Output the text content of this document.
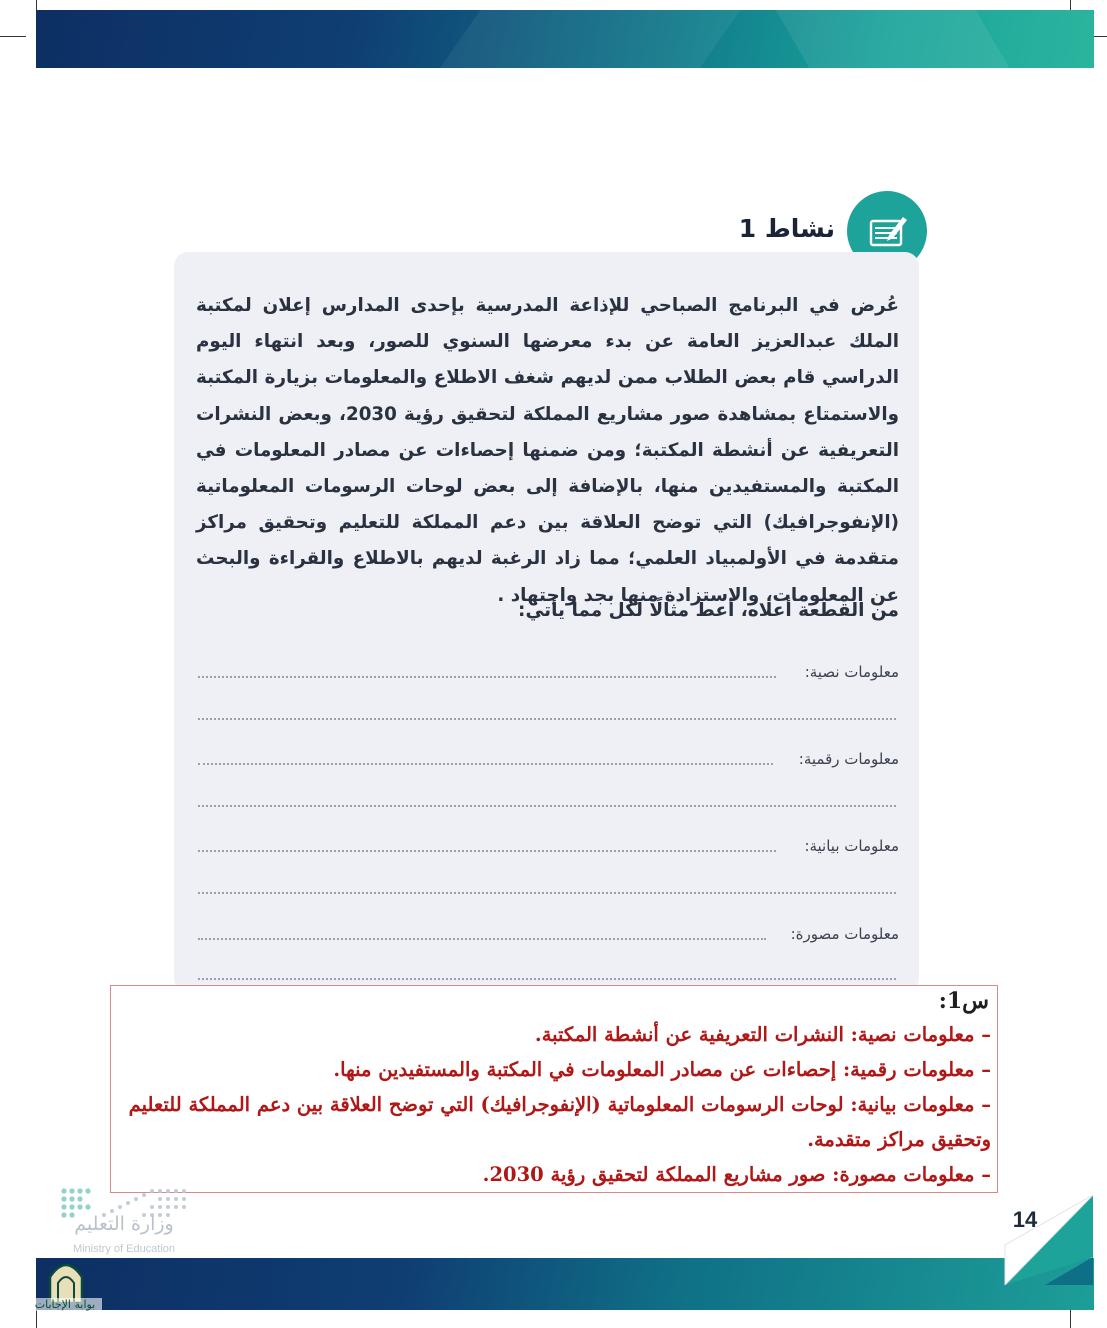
نشاط 1
عُرض في البرنامج الصباحي للإذاعة المدرسية بإحدى المدارس إعلان لمكتبة الملك عبدالعزيز العامة عن بدء معرضها السنوي للصور، وبعد انتهاء اليوم الدراسي قام بعض الطلاب ممن لديهم شغف الاطلاع والمعلومات بزيارة المكتبة والاستمتاع بمشاهدة صور مشاريع المملكة لتحقيق رؤية 2030، وبعض النشرات التعريفية عن أنشطة المكتبة؛ ومن ضمنها إحصاءات عن مصادر المعلومات في المكتبة والمستفيدين منها، بالإضافة إلى بعض لوحات الرسومات المعلوماتية (الإنفوجرافيك) التي توضح العلاقة بين دعم المملكة للتعليم وتحقيق مراكز متقدمة في الأولمبياد العلمي؛ مما زاد الرغبة لديهم بالاطلاع والقراءة والبحث عن المعلومات، والاستزادة منها بجد واجتهاد .
من القطعة أعلاه، أعط مثالًا لكل مما يأتي:
معلومات نصية:
معلومات رقمية:
معلومات بيانية:
معلومات مصورة:
س1:
– معلومات نصية: النشرات التعريفية عن أنشطة المكتبة.
– معلومات رقمية: إحصاءات عن مصادر المعلومات في المكتبة والمستفيدين منها.
– معلومات بيانية: لوحات الرسومات المعلوماتية (الإنفوجرافيك) التي توضح العلاقة بين دعم المملكة للتعليم
وتحقيق مراكز متقدمة.
– معلومات مصورة: صور مشاريع المملكة لتحقيق رؤية 2030.
وزارة التعليم
Ministry of Education
14
بوابة الإجابات
